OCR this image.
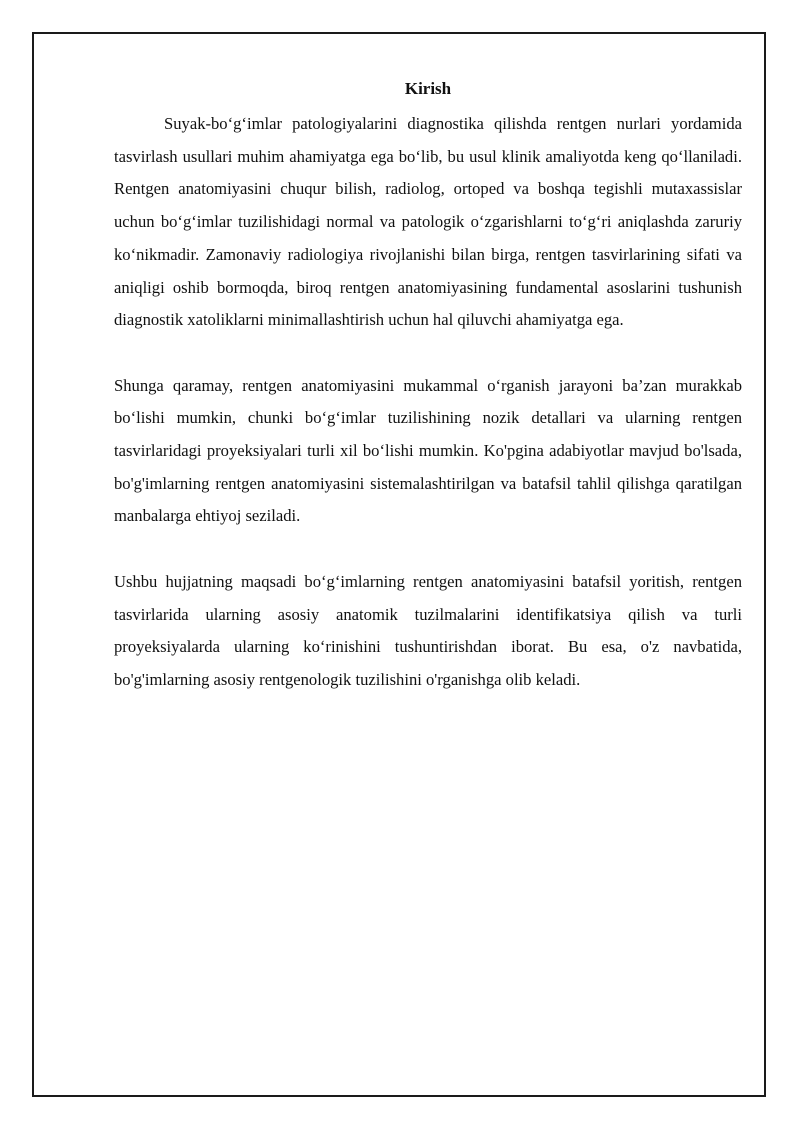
Kirish

Suyak-bo‘g‘imlar patologiyalarini diagnostika qilishda rentgen nurlari yordamida tasvirlash usullari muhim ahamiyatga ega bo‘lib, bu usul klinik amaliyotda keng qo‘llaniladi. Rentgen anatomiyasini chuqur bilish, radiolog, ortoped va boshqa tegishli mutaxassislar uchun bo‘g‘imlar tuzilishidagi normal va patologik o‘zgarishlarni to‘g‘ri aniqlashda zaruriy ko‘nikmadir. Zamonaviy radiologiya rivojlanishi bilan birga, rentgen tasvirlarining sifati va aniqligi oshib bormoqda, biroq rentgen anatomiyasining fundamental asoslarini tushunish diagnostik xatoliklarni minimallashtirish uchun hal qiluvchi ahamiyatga ega.

Shunga qaramay, rentgen anatomiyasini mukammal o‘rganish jarayoni ba’zan murakkab bo‘lishi mumkin, chunki bo‘g‘imlar tuzilishining nozik detallari va ularning rentgen tasvirlaridagi proyeksiyalari turli xil bo‘lishi mumkin. Ko'pgina adabiyotlar mavjud bo'lsada, bo'g'imlarning rentgen anatomiyasini sistemalashtirilgan va batafsil tahlil qilishga qaratilgan manbalarga ehtiyoj seziladi.

Ushbu hujjatning maqsadi bo‘g‘imlarning rentgen anatomiyasini batafsil yoritish, rentgen tasvirlarida ularning asosiy anatomik tuzilmalarini identifikatsiya qilish va turli proyeksiyalarda ularning ko‘rinishini tushuntirishdan iborat. Bu esa, o'z navbatida, bo'g'imlarning asosiy rentgenologik tuzilishini o'rganishga olib keladi.
